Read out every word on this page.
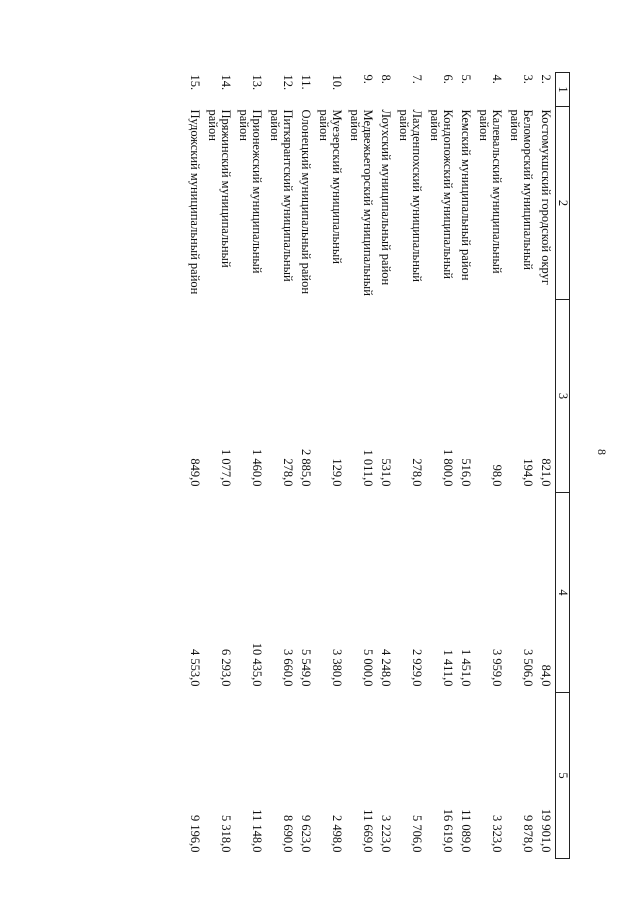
8
1	2	3	4	5
2.	Костомукшский городской округ	821,0	84,0	19 901,0
3.	Беломорский муниципальный район	194,0	3 506,0	9 878,0
4.	Калевальский муниципальный район	98,0	3 959,0	3 323,0
5.	Кемский муниципальный район	516,0	1 451,0	11 089,0
6.	Кондопожский муниципальный район	1 800,0	1 411,0	16 619,0
7.	Лахденпохский муниципальный район	278,0	2 929,0	5 706,0
8.	Лоухский муниципальный район	531,0	4 248,0	3 223,0
9.	Медвежьегорский муниципальный район	1 011,0	5 000,0	11 669,0
10.	Муезерский муниципальный район	129,0	3 380,0	2 498,0
11.	Олонецкий муниципальный район	2 885,0	5 549,0	9 623,0
12.	Питкярантский муниципальный район	278,0	3 660,0	8 690,0
13.	Прионежский муниципальный район	1 460,0	10 435,0	11 148,0
14.	Пряжинский муниципальный район	1 077,0	6 293,0	5 318,0
15.	Пудожский муниципальный район	849,0	4 553,0	9 196,0
